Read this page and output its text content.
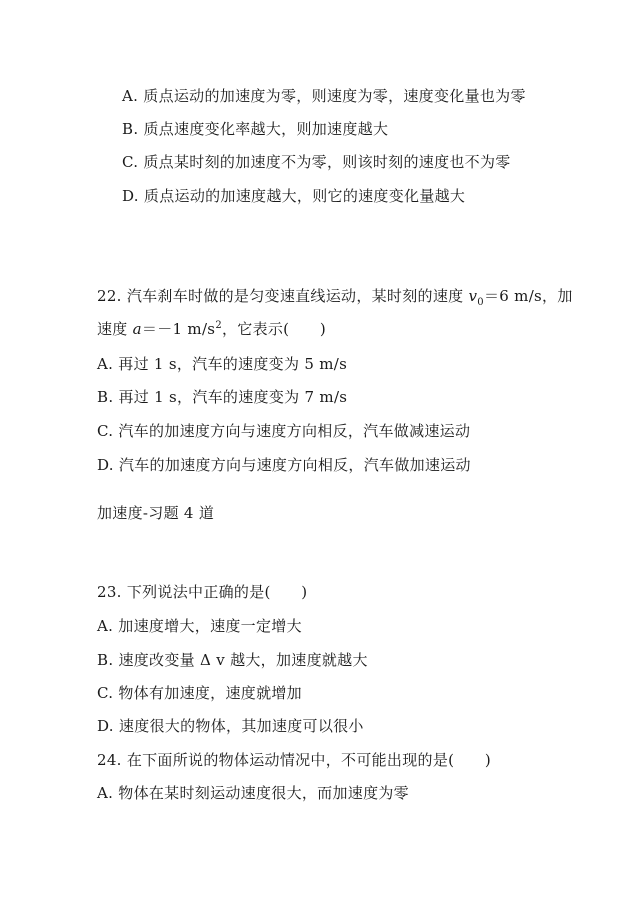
A. 质点运动的加速度为零，则速度为零，速度变化量也为零
B. 质点速度变化率越大，则加速度越大
C. 质点某时刻的加速度不为零，则该时刻的速度也不为零
D. 质点运动的加速度越大，则它的速度变化量越大
22. 汽车刹车时做的是匀变速直线运动，某时刻的速度 $v_0=6$ m/s，加
速度 a＝－1 $m/s^2$，它表示(　　)
A. 再过 1 s，汽车的速度变为 5 m/s
B. 再过 1 s，汽车的速度变为 7 m/s
C. 汽车的加速度方向与速度方向相反，汽车做减速运动
D. 汽车的加速度方向与速度方向相反，汽车做加速运动
加速度-习题 4 道
23. 下列说法中正确的是(　　)
A. 加速度增大，速度一定增大
B. 速度改变量 Δ v 越大，加速度就越大
C. 物体有加速度，速度就增加
D. 速度很大的物体，其加速度可以很小
24. 在下面所说的物体运动情况中，不可能出现的是(　　)
A. 物体在某时刻运动速度很大，而加速度为零
